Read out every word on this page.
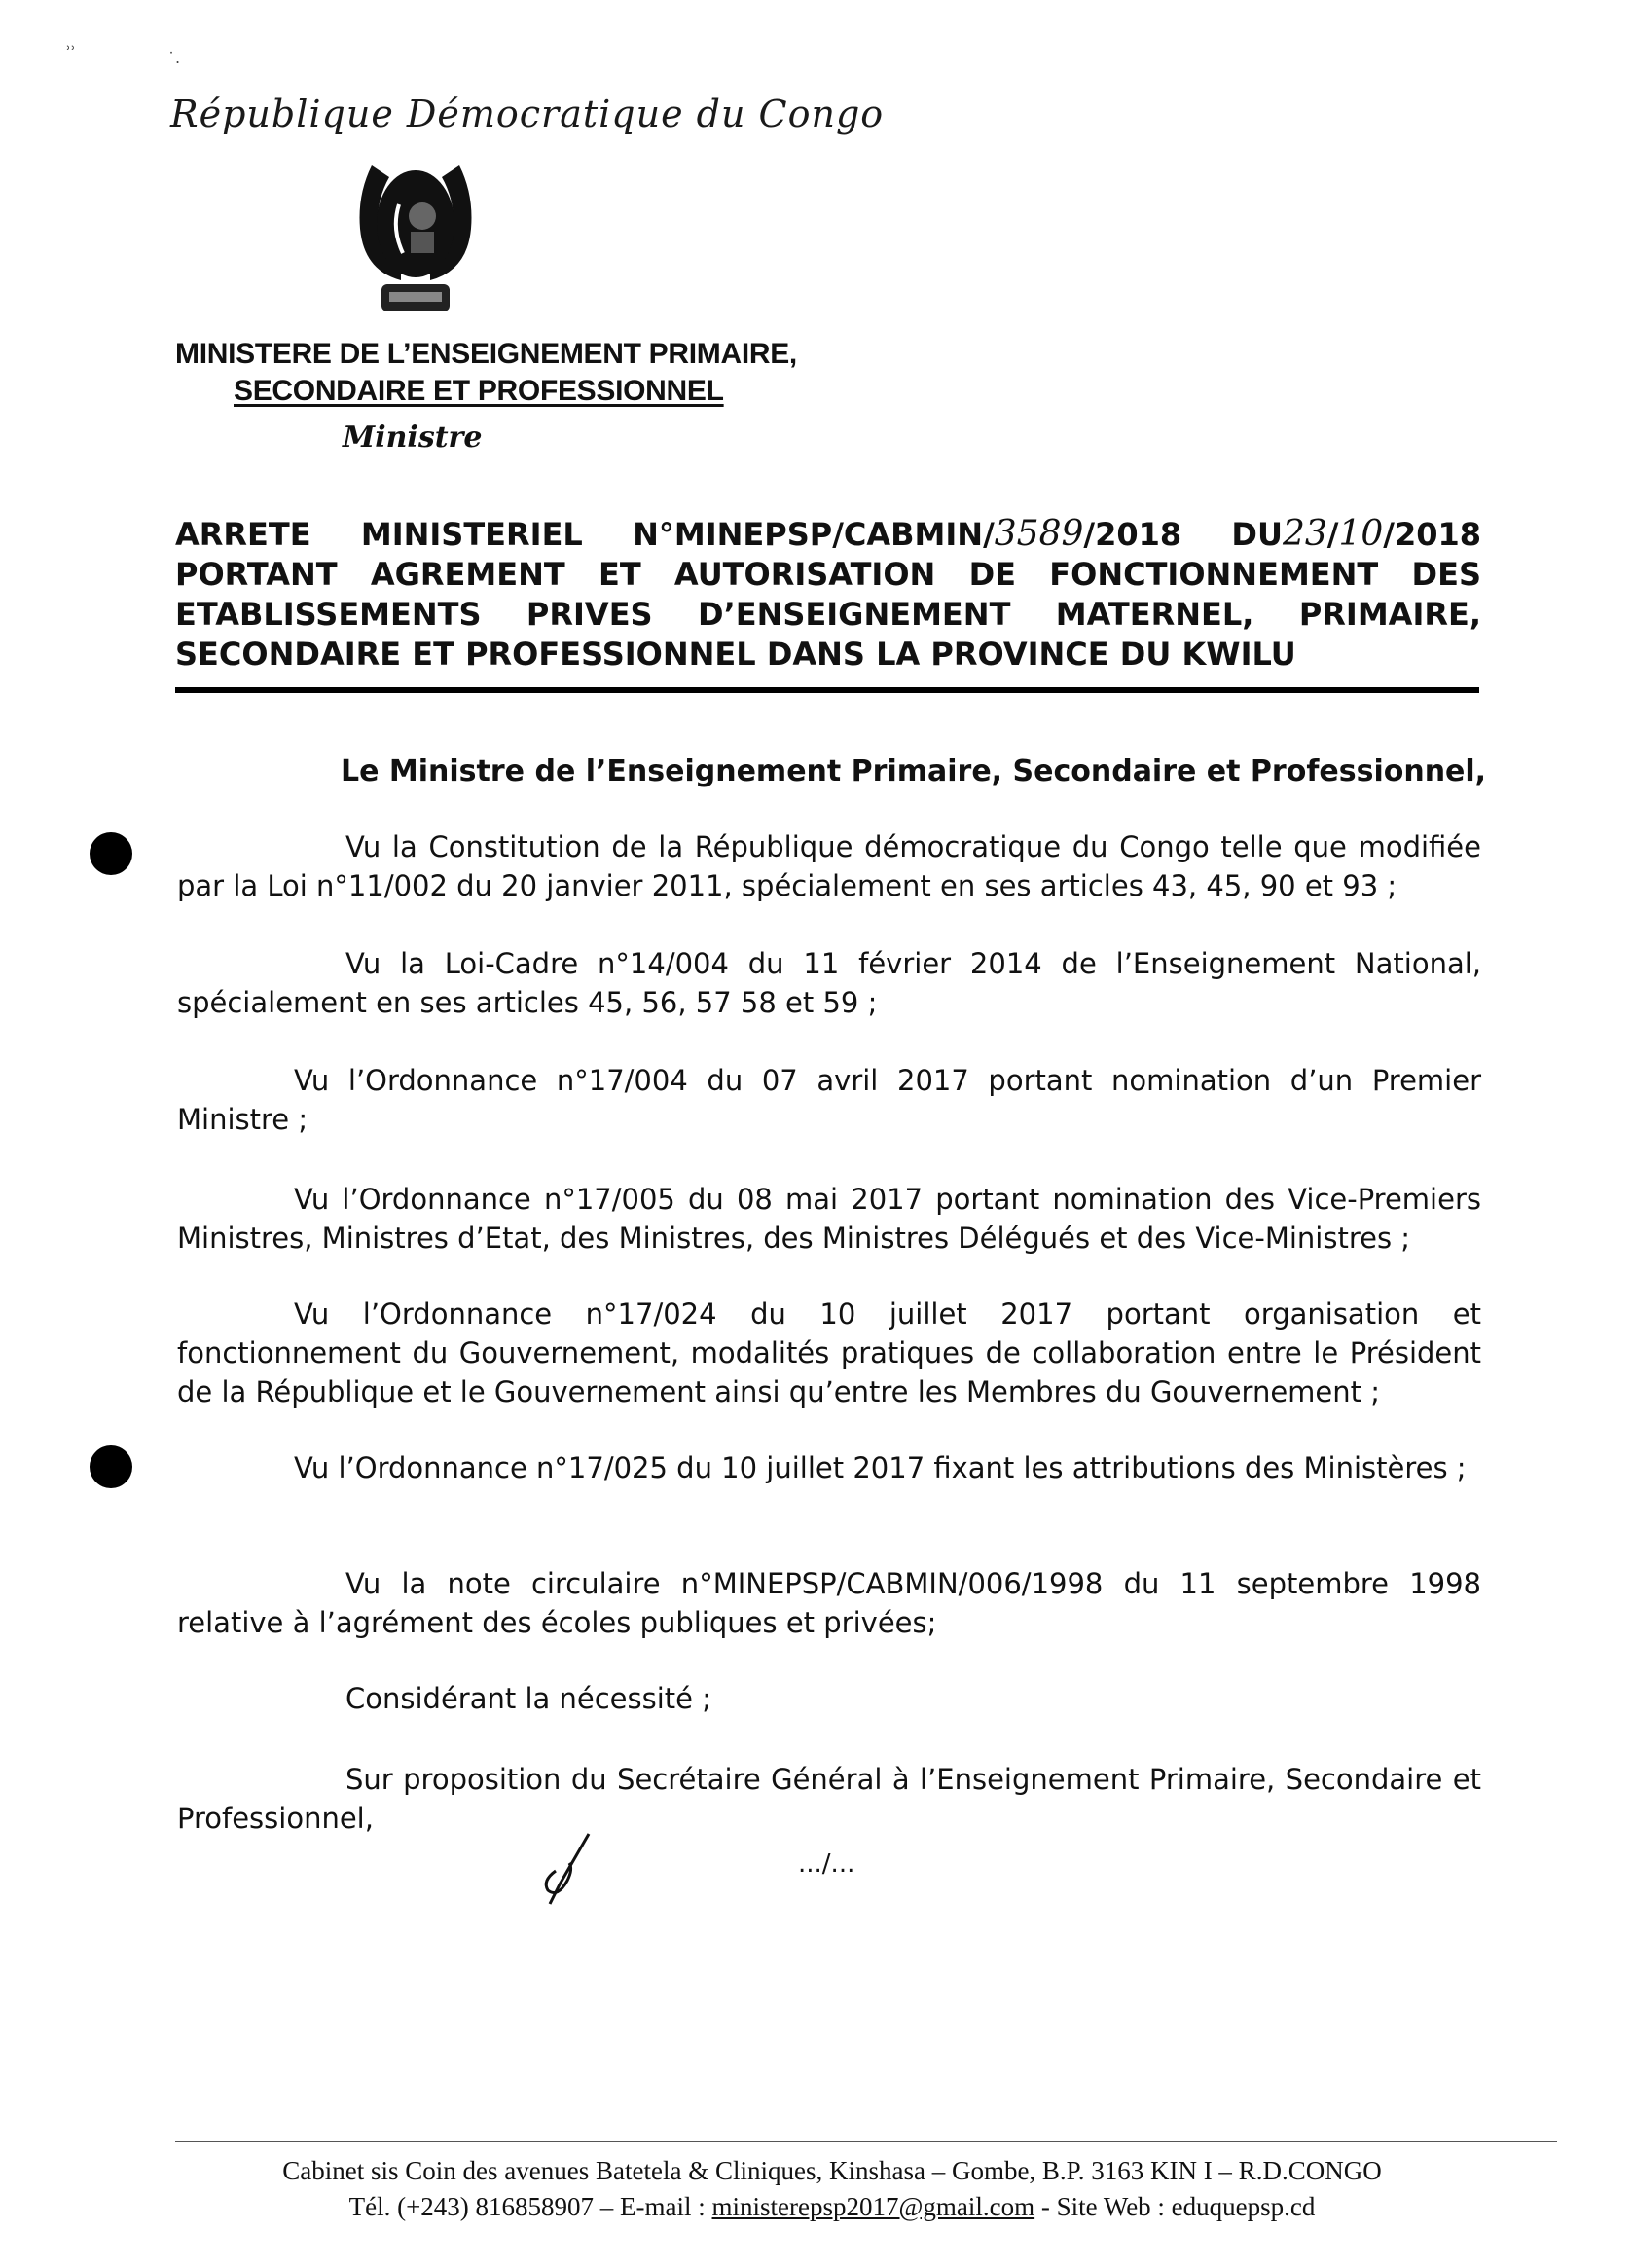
˒˒
˙.
République Démocratique du Congo
MINISTERE DE L’ENSEIGNEMENT PRIMAIRE,
SECONDAIRE ET PROFESSIONNEL
Ministre
ARRETE MINISTERIEL N°MINEPSP/CABMIN/3589/2018 DU23/10/2018
PORTANT AGREMENT ET AUTORISATION DE FONCTIONNEMENT DES
ETABLISSEMENTS PRIVES D’ENSEIGNEMENT MATERNEL, PRIMAIRE,
SECONDAIRE ET PROFESSIONNEL DANS LA PROVINCE DU KWILU
Le Ministre de l’Enseignement Primaire, Secondaire et Professionnel,
Vu la Constitution de la République démocratique du Congo telle que modifiée par la Loi n°11/002 du 20 janvier 2011, spécialement en ses articles 43, 45, 90 et 93 ;
Vu la Loi-Cadre n°14/004 du 11 février 2014 de l’Enseignement National, spécialement en ses articles 45, 56, 57 58 et 59 ;
Vu l’Ordonnance n°17/004 du 07 avril 2017 portant nomination d’un Premier Ministre ;
Vu l’Ordonnance n°17/005 du 08 mai 2017 portant nomination des Vice-Premiers Ministres, Ministres d’Etat, des Ministres, des Ministres Délégués et des Vice-Ministres ;
Vu l’Ordonnance n°17/024 du 10 juillet 2017 portant organisation et fonctionnement du Gouvernement, modalités pratiques de collaboration entre le Président de la République et le Gouvernement ainsi qu’entre les Membres du Gouvernement ;
Vu l’Ordonnance n°17/025 du 10 juillet 2017 fixant les attributions des Ministères ;
Vu la note circulaire n°MINEPSP/CABMIN/006/1998 du 11 septembre 1998 relative à l’agrément des écoles publiques et privées;
Considérant la nécessité ;
Sur proposition du Secrétaire Général à l’Enseignement Primaire, Secondaire et Professionnel,
.../...
Cabinet sis Coin des avenues Batetela & Cliniques, Kinshasa – Gombe, B.P. 3163 KIN I – R.D.CONGO
Tél. (+243) 816858907 – E-mail : ministerepsp2017@gmail.com - Site Web : eduquepsp.cd
